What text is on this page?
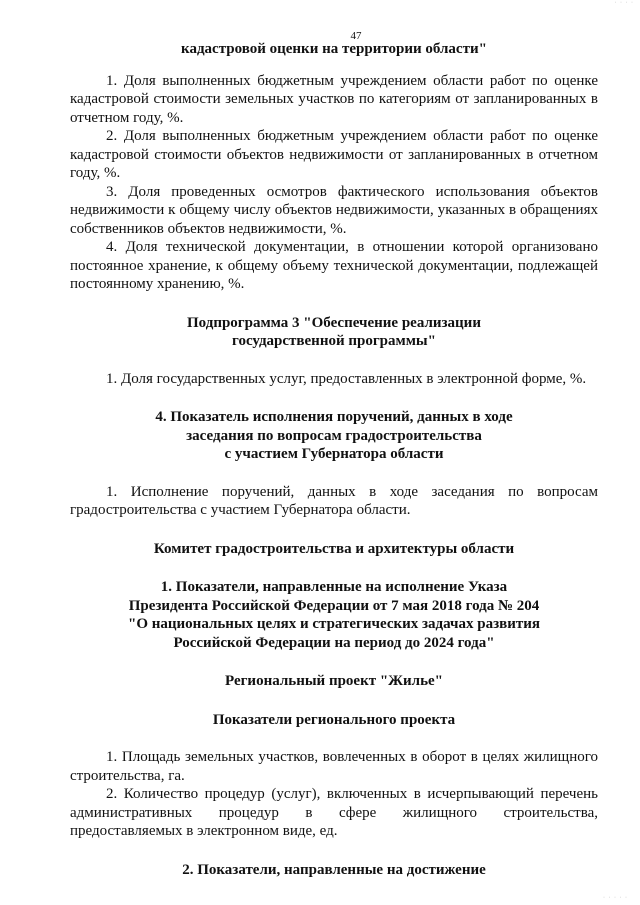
· · · ·
47

кадастровой оценки на территории области"

1. Доля выполненных бюджетным учреждением области работ по оценке кадастровой стоимости земельных участков по категориям от запланированных в отчетном году, %.

2. Доля выполненных бюджетным учреждением области работ по оценке кадастровой стоимости объектов недвижимости от запланированных в отчетном году, %.

3. Доля проведенных осмотров фактического использования объектов недвижимости к общему числу объектов недвижимости, указанных в обращениях собственников объектов недвижимости, %.

4. Доля технической документации, в отношении которой организовано постоянное хранение, к общему объему технической документации, подлежащей постоянному хранению, %.

Подпрограмма 3 "Обеспечение реализации

государственной программы"

1. Доля государственных услуг, предоставленных в электронной форме, %.

4. Показатель исполнения поручений, данных в ходе

заседания по вопросам градостроительства

с участием Губернатора области

1. Исполнение поручений, данных в ходе заседания по вопросам градостроительства с участием Губернатора области.

Комитет градостроительства и архитектуры области

1. Показатели, направленные на исполнение Указа

Президента Российской Федерации от 7 мая 2018 года № 204

"О национальных целях и стратегических задачах развития

Российской Федерации на период до 2024 года"

Региональный проект "Жилье"

Показатели регионального проекта

1. Площадь земельных участков, вовлеченных в оборот в целях жилищного строительства, га.

2. Количество процедур (услуг), включенных в исчерпывающий перечень административных процедур в сфере жилищного строительства, предоставляемых в электронном виде, ед.

2. Показатели, направленные на достижение

· · · · ·
